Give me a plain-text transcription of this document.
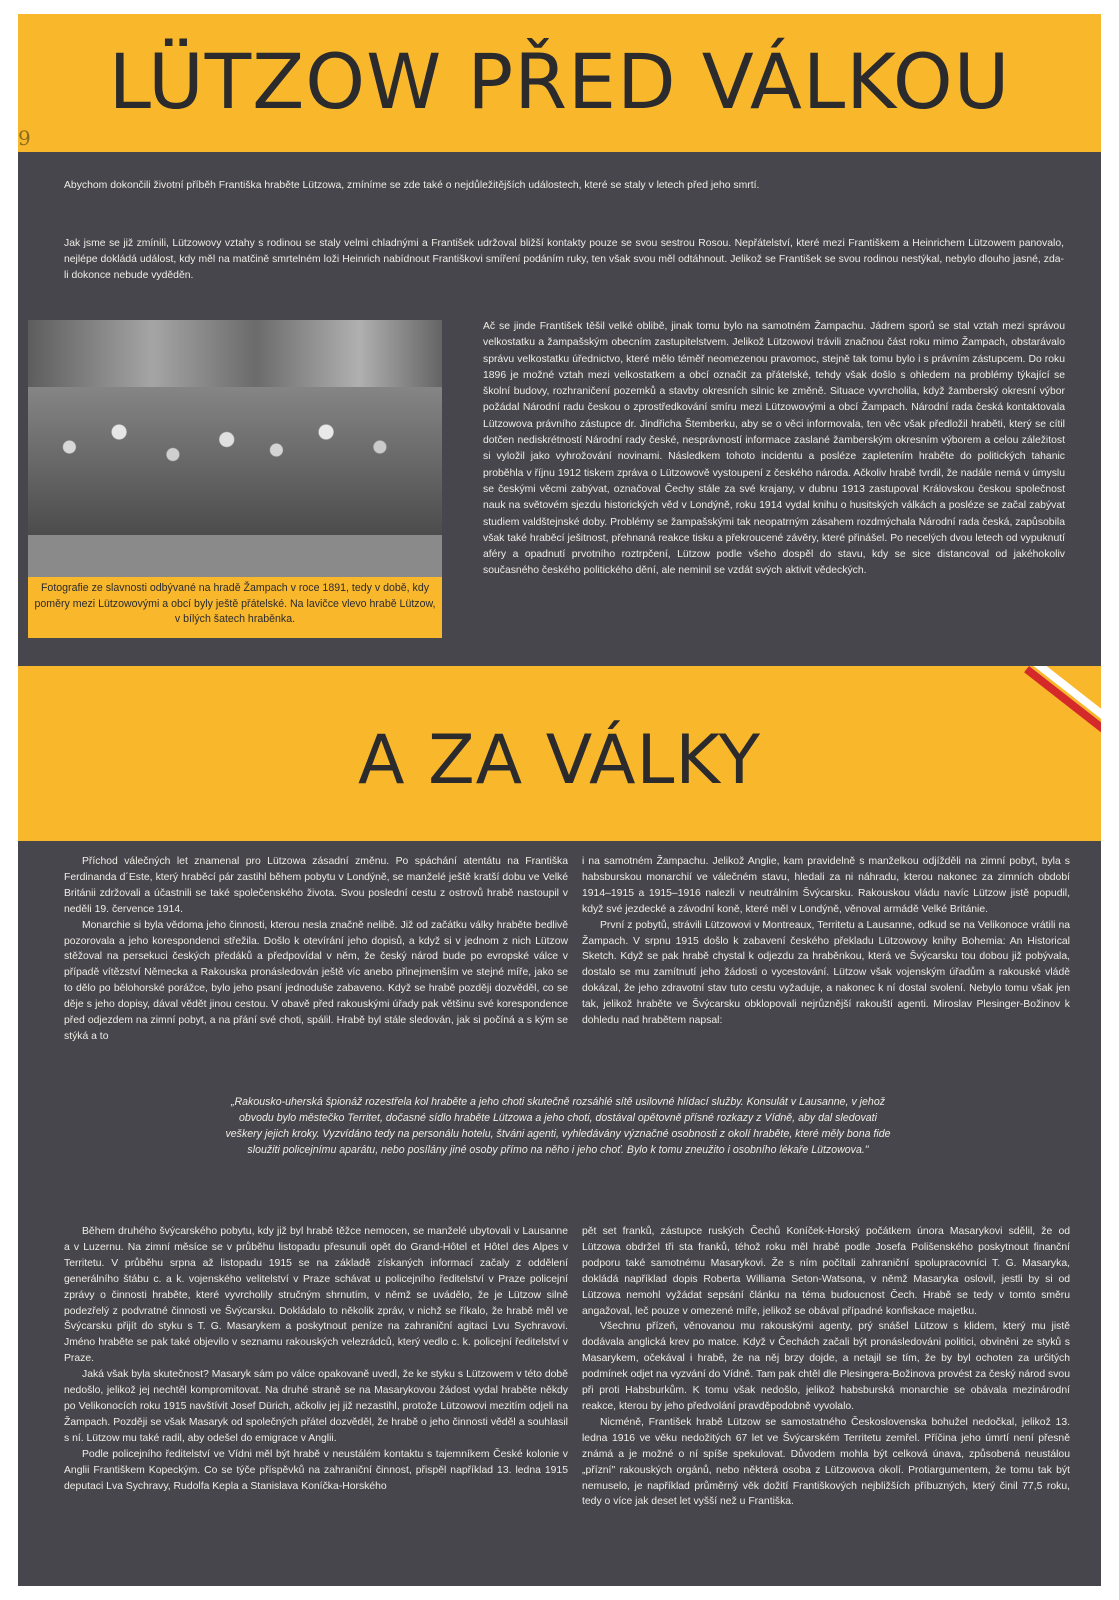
LÜTZOW PŘED VÁLKOU
9
Abychom dokončili životní příběh Františka hraběte Lützowa, zmíníme se zde také o nejdůležitějších událostech, které se staly v letech před jeho smrtí.
Jak jsme se již zmínili, Lützowovy vztahy s rodinou se staly velmi chladnými a František udržoval bližší kontakty pouze se svou sestrou Rosou. Nepřátelství, které mezi Františkem a Heinrichem Lützowem panovalo, nejlépe dokládá událost, kdy měl na matčině smrtelném loži Heinrich nabídnout Františkovi smíření podáním ruky, ten však svou měl odtáhnout. Jelikož se František se svou rodinou nestýkal, nebylo dlouho jasné, zda-li dokonce nebude vyděděn.
Fotografie ze slavnosti odbývané na hradě Žampach v roce 1891, tedy v době, kdy poměry mezi Lützowovými a obcí byly ještě přátelské. Na lavičce vlevo hrabě Lützow, v bílých šatech hraběnka.
Ač se jinde František těšil velké oblibě, jinak tomu bylo na samotném Žampachu. Jádrem sporů se stal vztah mezi správou velkostatku a žampašským obecním zastupitelstvem. Jelikož Lützowovi trávili značnou část roku mimo Žampach, obstarávalo správu velkostatku úřednictvo, které mělo téměř neomezenou pravomoc, stejně tak tomu bylo i s právním zástupcem. Do roku 1896 je možné vztah mezi velkostatkem a obcí označit za přátelské, tehdy však došlo s ohledem na problémy týkající se školní budovy, rozhraničení pozemků a stavby okresních silnic ke změně. Situace vyvrcholila, když žamberský okresní výbor požádal Národní radu českou o zprostředkování smíru mezi Lützowovými a obcí Žampach. Národní rada česká kontaktovala Lützowova právního zástupce dr. Jindřicha Štemberku, aby se o věci informovala, ten věc však předložil hraběti, který se cítil dotčen nediskrétností Národní rady české, nesprávností informace zaslané žamberským okresním výborem a celou záležitost si vyložil jako vyhrožování novinami. Následkem tohoto incidentu a posléze zapletením hraběte do politických tahanic proběhla v říjnu 1912 tiskem zpráva o Lützowově vystoupení z českého národa. Ačkoliv hrabě tvrdil, že nadále nemá v úmyslu se českými věcmi zabývat, označoval Čechy stále za své krajany, v dubnu 1913 zastupoval Královskou českou společnost nauk na světovém sjezdu historických věd v Londýně, roku 1914 vydal knihu o husitských válkách a posléze se začal zabývat studiem valdštejnské doby. Problémy se žampašskými tak neopatrným zásahem rozdmýchala Národní rada česká, zapůsobila však také hraběcí ješitnost, přehnaná reakce tisku a překroucené závěry, které přinášel. Po necelých dvou letech od vypuknutí aféry a opadnutí prvotního roztrpčení, Lützow podle všeho dospěl do stavu, kdy se sice distancoval od jakéhokoliv současného českého politického dění, ale neminil se vzdát svých aktivit vědeckých.
A ZA VÁLKY

Příchod válečných let znamenal pro Lützowa zásadní změnu. Po spáchání atentátu na Františka Ferdinanda d´Este, který hraběcí pár zastihl během pobytu v Londýně, se manželé ještě kratší dobu ve Velké Británii zdržovali a účastnili se také společenského života. Svou poslední cestu z ostrovů hrabě nastoupil v neděli 19. července 1914.

Monarchie si byla vědoma jeho činnosti, kterou nesla značně nelibě. Již od začátku války hraběte bedlivě pozorovala a jeho korespondenci střežila. Došlo k otevírání jeho dopisů, a když si v jednom z nich Lützow stěžoval na persekuci českých předáků a předpovídal v něm, že český národ bude po evropské válce v případě vítězství Německa a Rakouska pronásledován ještě víc anebo přinejmenším ve stejné míře, jako se to dělo po bělohorské porážce, bylo jeho psaní jednoduše zabaveno. Když se hrabě později dozvěděl, co se děje s jeho dopisy, dával vědět jinou cestou. V obavě před rakouskými úřady pak většinu své korespondence před odjezdem na zimní pobyt, a na přání své choti, spálil. Hrabě byl stále sledován, jak si počíná a s kým se stýká a to

i na samotném Žampachu. Jelikož Anglie, kam pravidelně s manželkou odjížděli na zimní pobyt, byla s habsburskou monarchií ve válečném stavu, hledali za ni náhradu, kterou nakonec za zimních období 1914–1915 a 1915–1916 nalezli v neutrálním Švýcarsku. Rakouskou vládu navíc Lützow jistě popudil, když své jezdecké a závodní koně, které měl v Londýně, věnoval armádě Velké Británie.

První z pobytů, strávili Lützowovi v Montreaux, Territetu a Lausanne, odkud se na Velikonoce vrátili na Žampach. V srpnu 1915 došlo k zabavení českého překladu Lützowovy knihy Bohemia: An Historical Sketch. Když se pak hrabě chystal k odjezdu za hraběnkou, která ve Švýcarsku tou dobou již pobývala, dostalo se mu zamítnutí jeho žádosti o vycestování. Lützow však vojenským úřadům a rakouské vládě dokázal, že jeho zdravotní stav tuto cestu vyžaduje, a nakonec k ní dostal svolení. Nebylo tomu však jen tak, jelikož hraběte ve Švýcarsku obklopovali nejrůznější rakouští agenti. Miroslav Plesinger-Božinov k dohledu nad hrabětem napsal:

„Rakousko-uherská špionáž rozestřela kol hraběte a jeho choti skutečně rozsáhlé sítě usilovné hlídací služby. Konsulát v Lausanne, v jehož obvodu bylo městečko Territet, dočasné sídlo hraběte Lützowa a jeho choti, dostával opětovně přísné rozkazy z Vídně, aby dal sledovati veškery jejich kroky. Vyzvídáno tedy na personálu hotelu, štváni agenti, vyhledávány význačné osobnosti z okolí hraběte, které měly bona fide sloužiti policejnímu aparátu, nebo posílány jiné osoby přímo na něho i jeho choť. Bylo k tomu zneužito i osobního lékaře Lützowova."

Během druhého švýcarského pobytu, kdy již byl hrabě těžce nemocen, se manželé ubytovali v Lausanne a v Luzernu. Na zimní měsíce se v průběhu listopadu přesunuli opět do Grand-Hôtel et Hôtel des Alpes v Territetu. V průběhu srpna až listopadu 1915 se na základě získaných informací začaly z oddělení generálního štábu c. a k. vojenského velitelství v Praze schávat u policejního ředitelství v Praze policejní zprávy o činnosti hraběte, které vyvrcholily stručným shrnutím, v němž se uvádělo, že je Lützow silně podezřelý z podvratné činnosti ve Švýcarsku. Dokládalo to několik zpráv, v nichž se říkalo, že hrabě měl ve Švýcarsku přijít do styku s T. G. Masarykem a poskytnout peníze na zahraniční agitaci Lvu Sychravovi. Jméno hraběte se pak také objevilo v seznamu rakouských velezrádců, který vedlo c. k. policejní ředitelství v Praze.

Jaká však byla skutečnost? Masaryk sám po válce opakovaně uvedl, že ke styku s Lützowem v této době nedošlo, jelikož jej nechtěl kompromitovat. Na druhé straně se na Masarykovou žádost vydal hraběte někdy po Velikonocích roku 1915 navštívit Josef Dürich, ačkoliv jej již nezastihl, protože Lützowovi mezitím odjeli na Žampach. Později se však Masaryk od společných přátel dozvěděl, že hrabě o jeho činnosti věděl a souhlasil s ní. Lützow mu také radil, aby odešel do emigrace v Anglii.

Podle policejního ředitelství ve Vídni měl být hrabě v neustálém kontaktu s tajemníkem České kolonie v Anglii Františkem Kopeckým. Co se týče příspěvků na zahraniční činnost, přispěl například 13. ledna 1915 deputaci Lva Sychravy, Rudolfa Kepla a Stanislava Koníčka-Horského

pět set franků, zástupce ruských Čechů Koníček-Horský počátkem února Masarykovi sdělil, že od Lützowa obdržel tři sta franků, téhož roku měl hrabě podle Josefa Polišenského poskytnout finanční podporu také samotnému Masarykovi. Že s ním počítali zahraniční spolupracovníci T. G. Masaryka, dokládá například dopis Roberta Williama Seton-Watsona, v němž Masaryka oslovil, jestli by si od Lützowa nemohl vyžádat sepsání článku na téma budoucnost Čech. Hrabě se tedy v tomto směru angažoval, leč pouze v omezené míře, jelikož se obával případné konfiskace majetku.

Všechnu přízeň, věnovanou mu rakouskými agenty, prý snášel Lützow s klidem, který mu jistě dodávala anglická krev po matce. Když v Čechách začali být pronásledováni politici, obviněni ze styků s Masarykem, očekával i hrabě, že na něj brzy dojde, a netajil se tím, že by byl ochoten za určitých podmínek odjet na vyzvání do Vídně. Tam pak chtěl dle Plesingera-Božinova provést za český národ svou při proti Habsburkům. K tomu však nedošlo, jelikož habsburská monarchie se obávala mezinárodní reakce, kterou by jeho předvolání pravděpodobně vyvolalo.

Nicméně, František hrabě Lützow se samostatného Československa bohužel nedočkal, jelikož 13. ledna 1916 ve věku nedožitých 67 let ve Švýcarském Territetu zemřel. Příčina jeho úmrtí není přesně známá a je možné o ní spíše spekulovat. Důvodem mohla být celková únava, způsobená neustálou „přízní" rakouských orgánů, nebo některá osoba z Lützowova okolí. Protiargumentem, že tomu tak být nemuselo, je například průměrný věk dožití Františkových nejbližších příbuzných, který činil 77,5 roku, tedy o více jak deset let vyšší než u Františka.
